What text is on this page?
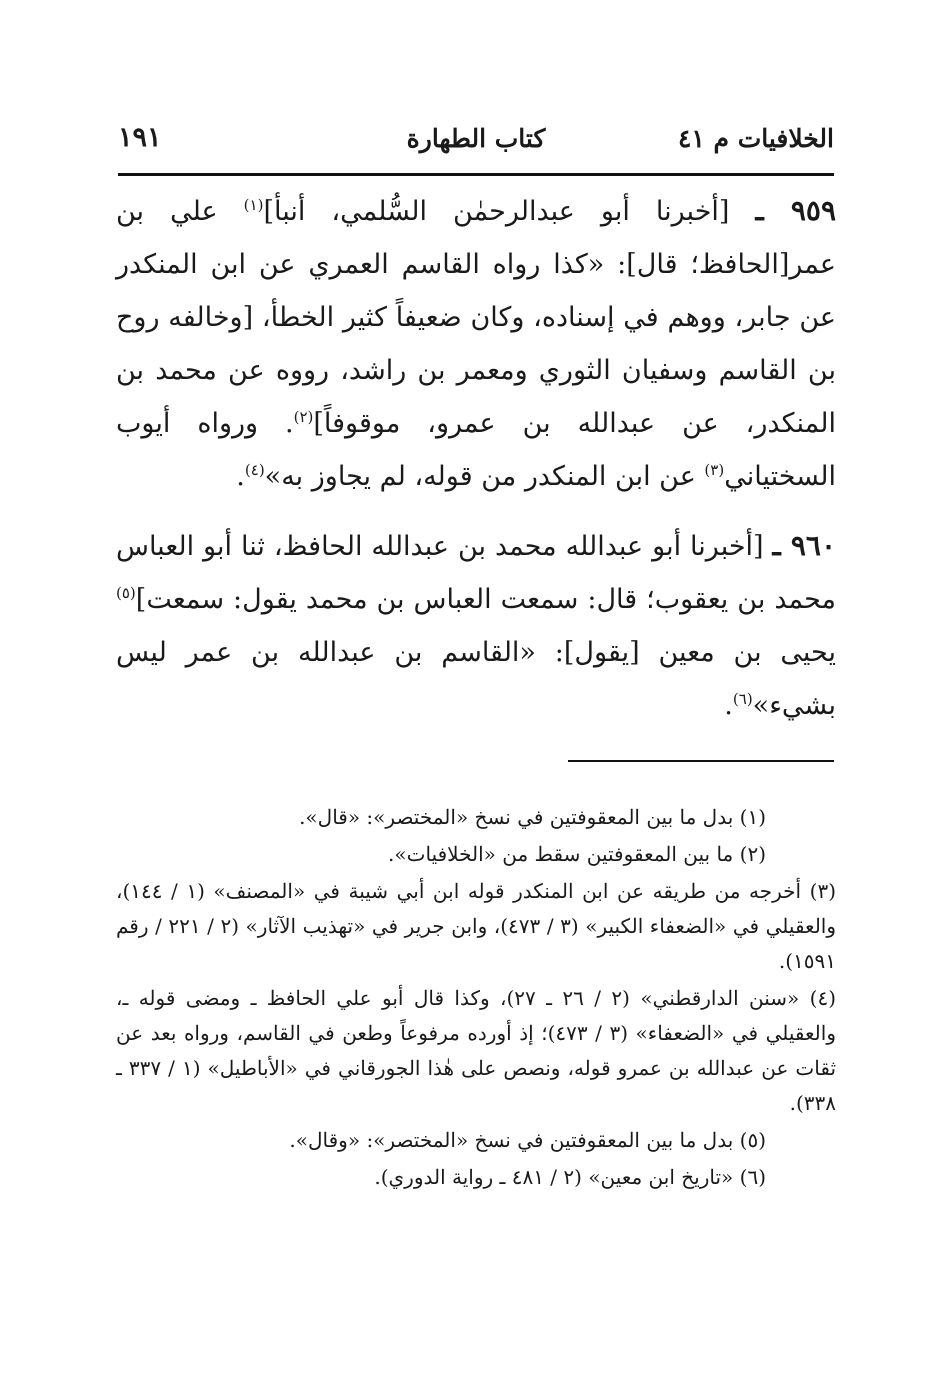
١٩١	كتاب الطهارة	الخلافيات م ٤١

٩٥٩ ـ [أخبرنا أبو عبدالرحمٰن السُّلمي، أنبأ]$^{(١)}$ علي بن عمر[الحافظ؛ قال]: «كذا رواه القاسم العمري عن ابن المنكدر عن جابر، ووهم في إسناده، وكان ضعيفاً كثير الخطأ، [وخالفه روح بن القاسم وسفيان الثوري ومعمر بن راشد، رووه عن محمد بن المنكدر، عن عبدالله بن عمرو، موقوفاً]$^{(٢)}$. ورواه أيوب السختياني$^{(٣)}$ عن ابن المنكدر من قوله، لم يجاوز به»$^{(٤)}$.

٩٦٠ ـ [أخبرنا أبو عبدالله محمد بن عبدالله الحافظ، ثنا أبو العباس محمد بن يعقوب؛ قال: سمعت العباس بن محمد يقول: سمعت]$^{(٥)}$ يحيى بن معين [يقول]: «القاسم بن عبدالله بن عمر ليس بشيء»$^{(٦)}$.

(١) بدل ما بين المعقوفتين في نسخ «المختصر»: «قال».
(٢) ما بين المعقوفتين سقط من «الخلافيات».
(٣) أخرجه من طريقه عن ابن المنكدر قوله ابن أبي شيبة في «المصنف» (١ / ١٤٤)، والعقيلي في «الضعفاء الكبير» (٣ / ٤٧٣)، وابن جرير في «تهذيب الآثار» (٢ / ٢٢١ / رقم ١٥٩١).
(٤) «سنن الدارقطني» (٢ / ٢٦ ـ ٢٧)، وكذا قال أبو علي الحافظ ـ ومضى قوله ـ، والعقيلي في «الضعفاء» (٣ / ٤٧٣)؛ إذ أورده مرفوعاً وطعن في القاسم، ورواه بعد عن ثقات عن عبدالله بن عمرو قوله، ونصص على هٰذا الجورقاني في «الأباطيل» (١ / ٣٣٧ ـ ٣٣٨).
(٥) بدل ما بين المعقوفتين في نسخ «المختصر»: «وقال».
(٦) «تاريخ ابن معين» (٢ / ٤٨١ ـ رواية الدوري).
